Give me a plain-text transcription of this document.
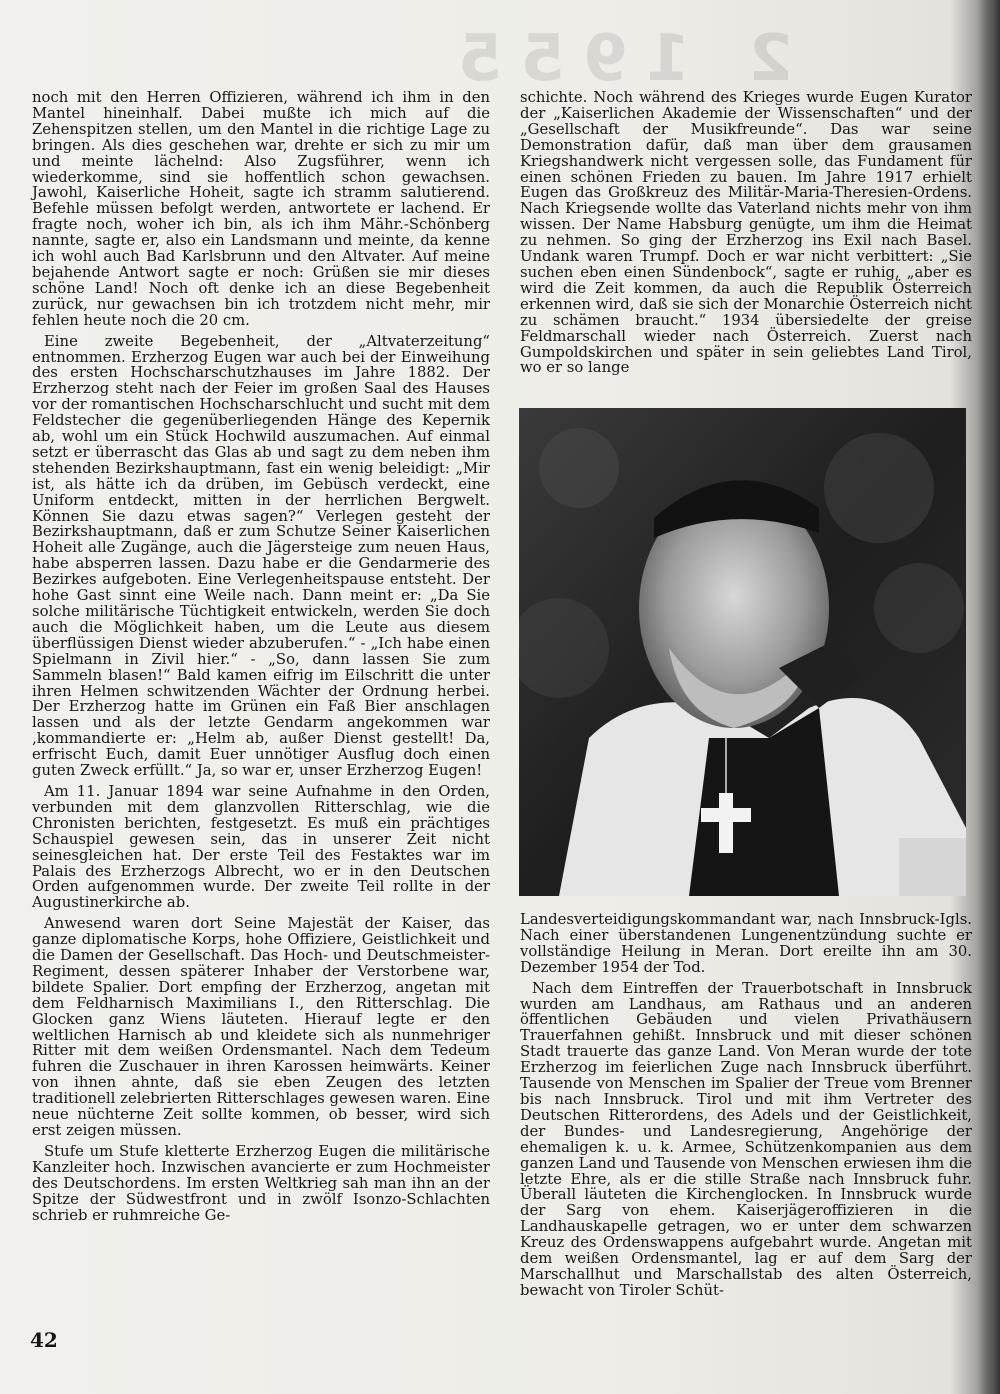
2 1955

noch mit den Herren Offizieren, während ich ihm in den Mantel hineinhalf. Dabei mußte ich mich auf die Zehenspitzen stellen, um den Mantel in die richtige Lage zu bringen. Als dies geschehen war, drehte er sich zu mir um und meinte lächelnd: Also Zugsführer, wenn ich wiederkomme, sind sie hoffentlich schon gewachsen. Jawohl, Kaiserliche Hoheit, sagte ich stramm salutierend. Befehle müssen befolgt werden, antwortete er lachend. Er fragte noch, woher ich bin, als ich ihm Mähr.-Schönberg nannte, sagte er, also ein Landsmann und meinte, da kenne ich wohl auch Bad Karlsbrunn und den Altvater. Auf meine bejahende Antwort sagte er noch: Grüßen sie mir dieses schöne Land! Noch oft denke ich an diese Begebenheit zurück, nur gewachsen bin ich trotzdem nicht mehr, mir fehlen heute noch die 20 cm.

Eine zweite Begebenheit, der „Altvaterzeitung“ entnommen. Erzherzog Eugen war auch bei der Einweihung des ersten Hochscharschutzhauses im Jahre 1882. Der Erzherzog steht nach der Feier im großen Saal des Hauses vor der romantischen Hochscharschlucht und sucht mit dem Feldstecher die gegenüberliegenden Hänge des Kepernik ab, wohl um ein Stück Hochwild auszumachen. Auf einmal setzt er überrascht das Glas ab und sagt zu dem neben ihm stehenden Bezirkshauptmann, fast ein wenig beleidigt: „Mir ist, als hätte ich da drüben, im Gebüsch verdeckt, eine Uniform entdeckt, mitten in der herrlichen Bergwelt. Können Sie dazu etwas sagen?“ Verlegen gesteht der Bezirkshauptmann, daß er zum Schutze Seiner Kaiserlichen Hoheit alle Zugänge, auch die Jägersteige zum neuen Haus, habe absperren lassen. Dazu habe er die Gendarmerie des Bezirkes aufgeboten. Eine Verlegenheitspause entsteht. Der hohe Gast sinnt eine Weile nach. Dann meint er: „Da Sie solche militärische Tüchtigkeit entwickeln, werden Sie doch auch die Möglichkeit haben, um die Leute aus diesem überflüssigen Dienst wieder abzuberufen.“ - „Ich habe einen Spielmann in Zivil hier.“ - „So, dann lassen Sie zum Sammeln blasen!“ Bald kamen eifrig im Eilschritt die unter ihren Helmen schwitzenden Wächter der Ordnung herbei. Der Erzherzog hatte im Grünen ein Faß Bier anschlagen lassen und als der letzte Gendarm angekommen war ‚kommandierte er: „Helm ab, außer Dienst gestellt! Da, erfrischt Euch, damit Euer unnötiger Ausflug doch einen guten Zweck erfüllt.“ Ja, so war er, unser Erzherzog Eugen!

Am 11. Januar 1894 war seine Aufnahme in den Orden, verbunden mit dem glanzvollen Ritterschlag, wie die Chronisten berichten, festgesetzt. Es muß ein prächtiges Schauspiel gewesen sein, das in unserer Zeit nicht seinesgleichen hat. Der erste Teil des Festaktes war im Palais des Erzherzogs Albrecht, wo er in den Deutschen Orden aufgenommen wurde. Der zweite Teil rollte in der Augustinerkirche ab.

Anwesend waren dort Seine Majestät der Kaiser, das ganze diplomatische Korps, hohe Offiziere, Geistlichkeit und die Damen der Gesellschaft. Das Hoch- und Deutschmeister-Regiment, dessen späterer Inhaber der Verstorbene war, bildete Spalier. Dort empfing der Erzherzog, angetan mit dem Feldharnisch Maximilians I., den Ritterschlag. Die Glocken ganz Wiens läuteten. Hierauf legte er den weltlichen Harnisch ab und kleidete sich als nunmehriger Ritter mit dem weißen Ordensmantel. Nach dem Tedeum fuhren die Zuschauer in ihren Karossen heimwärts. Keiner von ihnen ahnte, daß sie eben Zeugen des letzten traditionell zelebrierten Ritterschlages gewesen waren. Eine neue nüchterne Zeit sollte kommen, ob besser, wird sich erst zeigen müssen.

Stufe um Stufe kletterte Erzherzog Eugen die militärische Kanzleiter hoch. Inzwischen avancierte er zum Hochmeister des Deutschordens. Im ersten Weltkrieg sah man ihn an der Spitze der Südwestfront und in zwölf Isonzo-Schlachten schrieb er ruhmreiche Ge-

schichte. Noch während des Krieges wurde Eugen Kurator der „Kaiserlichen Akademie der Wissenschaften“ und der „Gesellschaft der Musikfreunde“. Das war seine Demonstration dafür, daß man über dem grausamen Kriegshandwerk nicht vergessen solle, das Fundament für einen schönen Frieden zu bauen. Im Jahre 1917 erhielt Eugen das Großkreuz des Militär-Maria-Theresien-Ordens. Nach Kriegsende wollte das Vaterland nichts mehr von ihm wissen. Der Name Habsburg genügte, um ihm die Heimat zu nehmen. So ging der Erzherzog ins Exil nach Basel. Undank waren Trumpf. Doch er war nicht verbittert: „Sie suchen eben einen Sündenbock“, sagte er ruhig, „aber es wird die Zeit kommen, da auch die Republik Österreich erkennen wird, daß sie sich der Monarchie Österreich nicht zu schämen braucht.“ 1934 übersiedelte der greise Feldmarschall wieder nach Österreich. Zuerst nach Gumpoldskirchen und später in sein geliebtes Land Tirol, wo er so lange

Landesverteidigungskommandant war, nach Innsbruck-Igls. Nach einer überstandenen Lungenentzündung suchte er vollständige Heilung in Meran. Dort ereilte ihn am 30. Dezember 1954 der Tod.

Nach dem Eintreffen der Trauerbotschaft in Innsbruck wurden am Landhaus, am Rathaus und an anderen öffentlichen Gebäuden und vielen Privathäusern Trauerfahnen gehißt. Innsbruck und mit dieser schönen Stadt trauerte das ganze Land. Von Meran wurde der tote Erzherzog im feierlichen Zuge nach Innsbruck überführt. Tausende von Menschen im Spalier der Treue vom Brenner bis nach Innsbruck. Tirol und mit ihm Vertreter des Deutschen Ritterordens, des Adels und der Geistlichkeit, der Bundes- und Landesregierung, Angehörige der ehemaligen k. u. k. Armee, Schützenkompanien aus dem ganzen Land und Tausende von Menschen erwiesen ihm die letzte Ehre, als er die stille Straße nach Innsbruck fuhr. Überall läuteten die Kirchenglocken. In Innsbruck wurde der Sarg von ehem. Kaiserjägeroffizieren in die Landhauskapelle getragen, wo er unter dem schwarzen Kreuz des Ordenswappens aufgebahrt wurde. Angetan mit dem weißen Ordensmantel, lag er auf dem Sarg der Marschallhut und Marschallstab des alten Österreich, bewacht von Tiroler Schüt-

42
